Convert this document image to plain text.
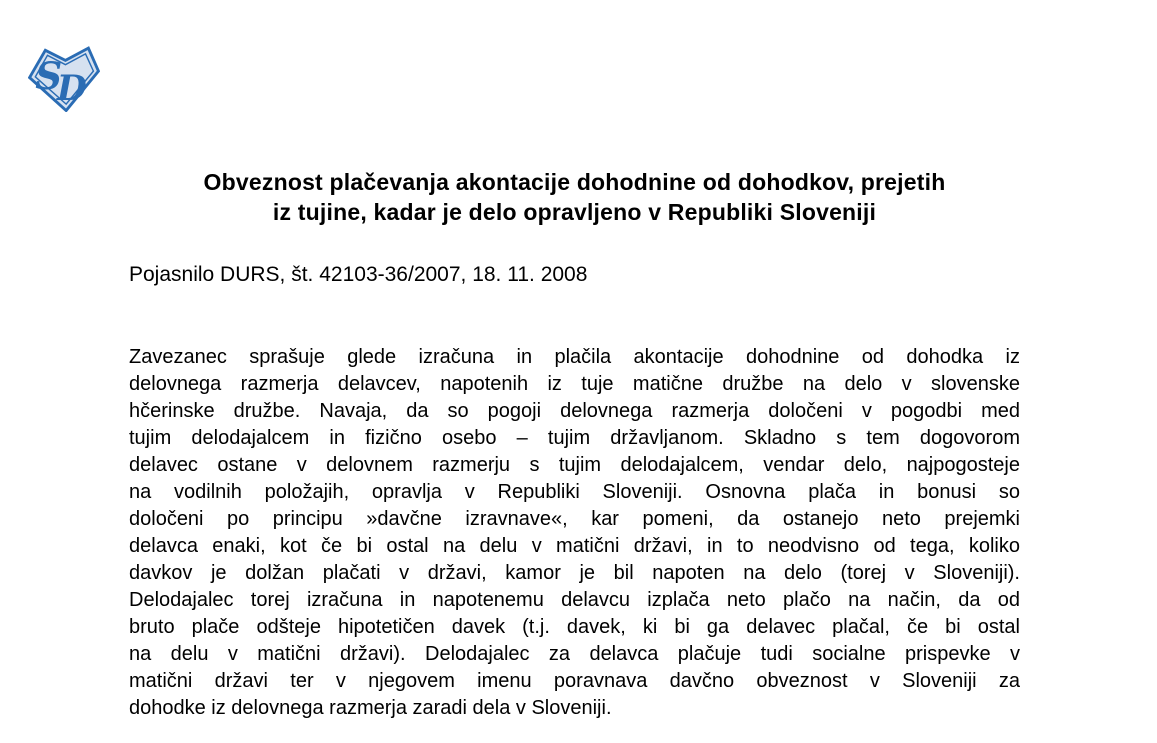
S
D
Obveznost plačevanja akontacije dohodnine od dohodkov, prejetih
iz tujine, kadar je delo opravljeno v Republiki Sloveniji
Pojasnilo DURS, št. 42103-36/2007, 18. 11. 2008
Zavezanec sprašuje glede izračuna in plačila akontacije dohodnine od dohodka iz
delovnega razmerja delavcev, napotenih iz tuje matične družbe na delo v slovenske
hčerinske družbe. Navaja, da so pogoji delovnega razmerja določeni v pogodbi med
tujim delodajalcem in fizično osebo – tujim državljanom. Skladno s tem dogovorom
delavec ostane v delovnem razmerju s tujim delodajalcem, vendar delo, najpogosteje
na vodilnih položajih, opravlja v Republiki Sloveniji. Osnovna plača in bonusi so
določeni po principu »davčne izravnave«, kar pomeni, da ostanejo neto prejemki
delavca enaki, kot če bi ostal na delu v matični državi, in to neodvisno od tega, koliko
davkov je dolžan plačati v državi, kamor je bil napoten na delo (torej v Sloveniji).
Delodajalec torej izračuna in napotenemu delavcu izplača neto plačo na način, da od
bruto plače odšteje hipotetičen davek (t.j. davek, ki bi ga delavec plačal, če bi ostal
na delu v matični državi). Delodajalec za delavca plačuje tudi socialne prispevke v
matični državi ter v njegovem imenu poravnava davčno obveznost v Sloveniji za
dohodke iz delovnega razmerja zaradi dela v Sloveniji.
